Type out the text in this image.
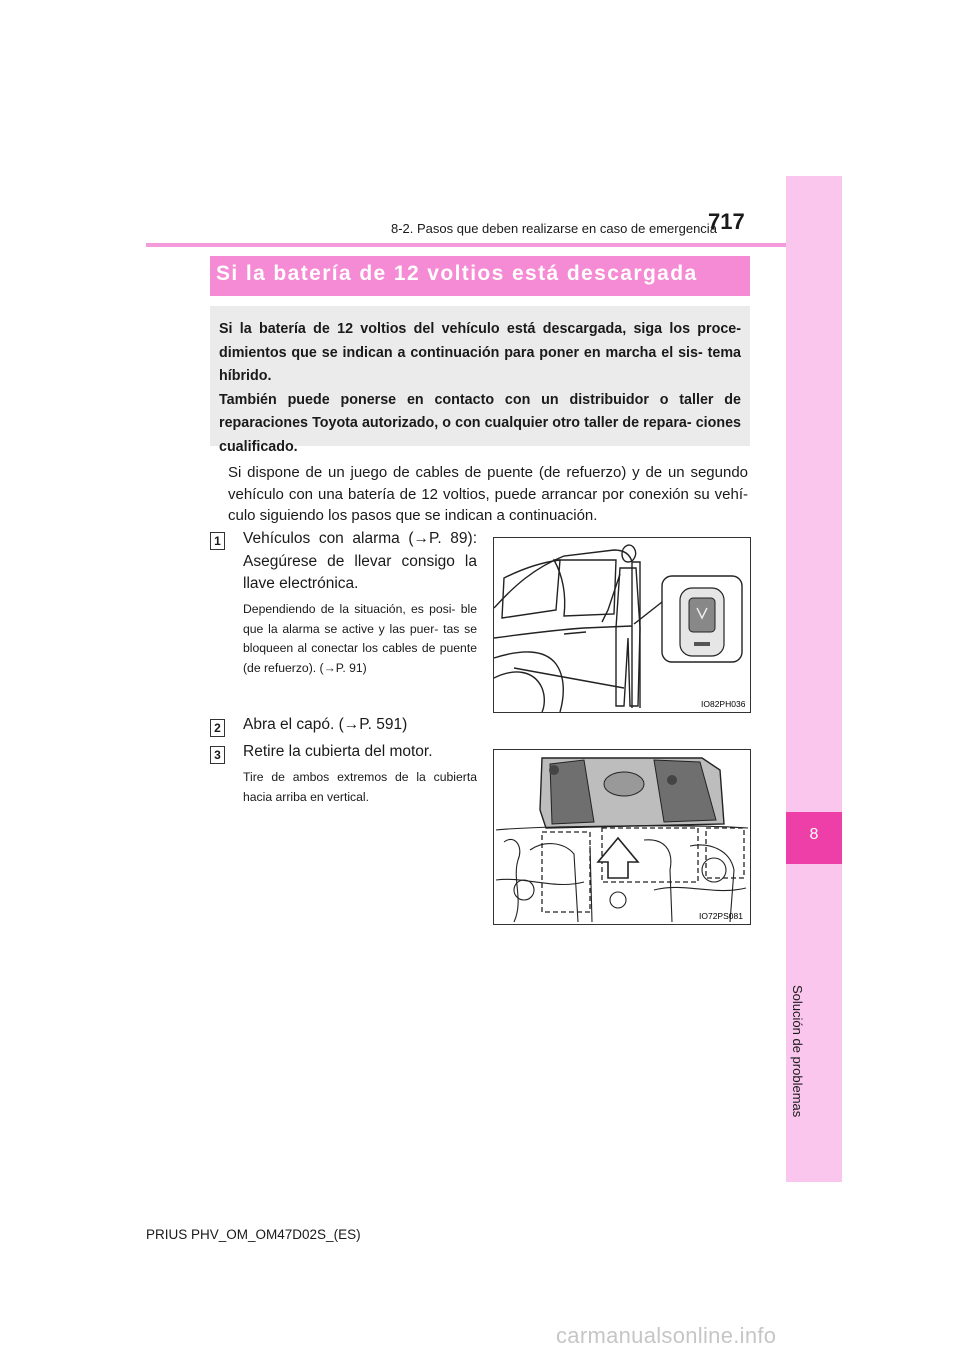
8
Solución de problemas
8-2. Pasos que deben realizarse en caso de emergencia
717
Si la batería de 12 voltios está descargada

Si la batería de 12 voltios del vehículo está descargada, siga los proce- dimientos que se indican a continuación para poner en marcha el sis- tema híbrido.

También puede ponerse en contacto con un distribuidor o taller de reparaciones Toyota autorizado, o con cualquier otro taller de repara- ciones cualificado.

Si dispone de un juego de cables de puente (de refuerzo) y de un segundo vehículo con una batería de 12 voltios, puede arrancar por conexión su vehí- culo siguiendo los pasos que se indican a continuación.

1 Vehículos con alarma (→P. 89): Asegúrese de llevar consigo la llave electrónica.

Dependiendo de la situación, es posi- ble que la alarma se active y las puer- tas se bloqueen al conectar los cables de puente (de refuerzo). (→P. 91)

IO82PH036
2 Abra el capó. (→P. 591)

3 Retire la cubierta del motor.

Tire de ambos extremos de la cubierta hacia arriba en vertical.

IO72PS081
PRIUS PHV_OM_OM47D02S_(ES)
carmanualsonline.info
